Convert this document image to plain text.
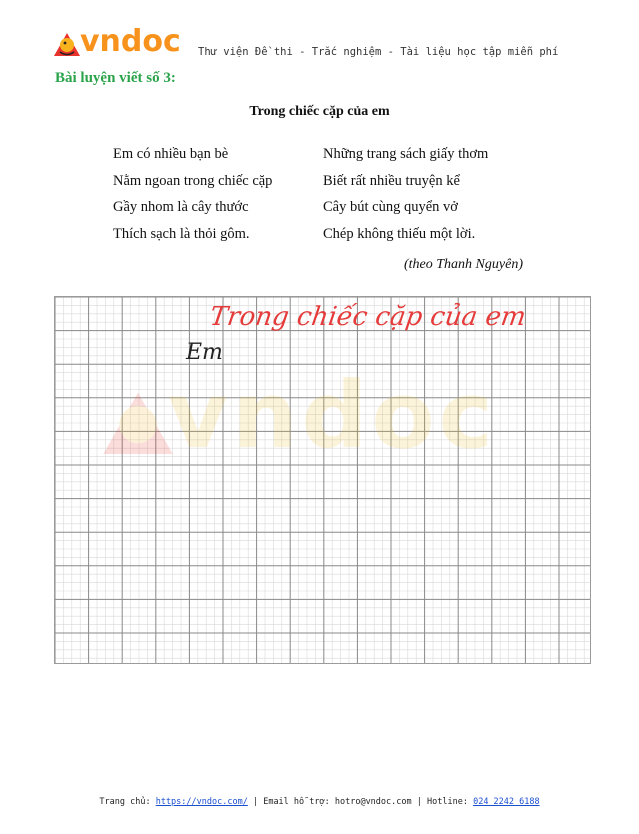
vndoc Thư viện Đề thi - Trắc nghiệm - Tài liệu học tập miễn phí
Bài luyện viết số 3:
Trong chiếc cặp của em
Em có nhiều bạn bè
Nằm ngoan trong chiếc cặp
Gầy nhom là cây thước
Thích sạch là thỏi gôm.
Những trang sách giấy thơm
Biết rất nhiều truyện kể
Cây bút cùng quyển vở
Chép không thiếu một lời.
(theo Thanh Nguyên)
vndoc
Trong chiếc cặp của em
Em
Trang chủ: https://vndoc.com/ | Email hỗ trợ: hotro@vndoc.com | Hotline: 024 2242 6188
